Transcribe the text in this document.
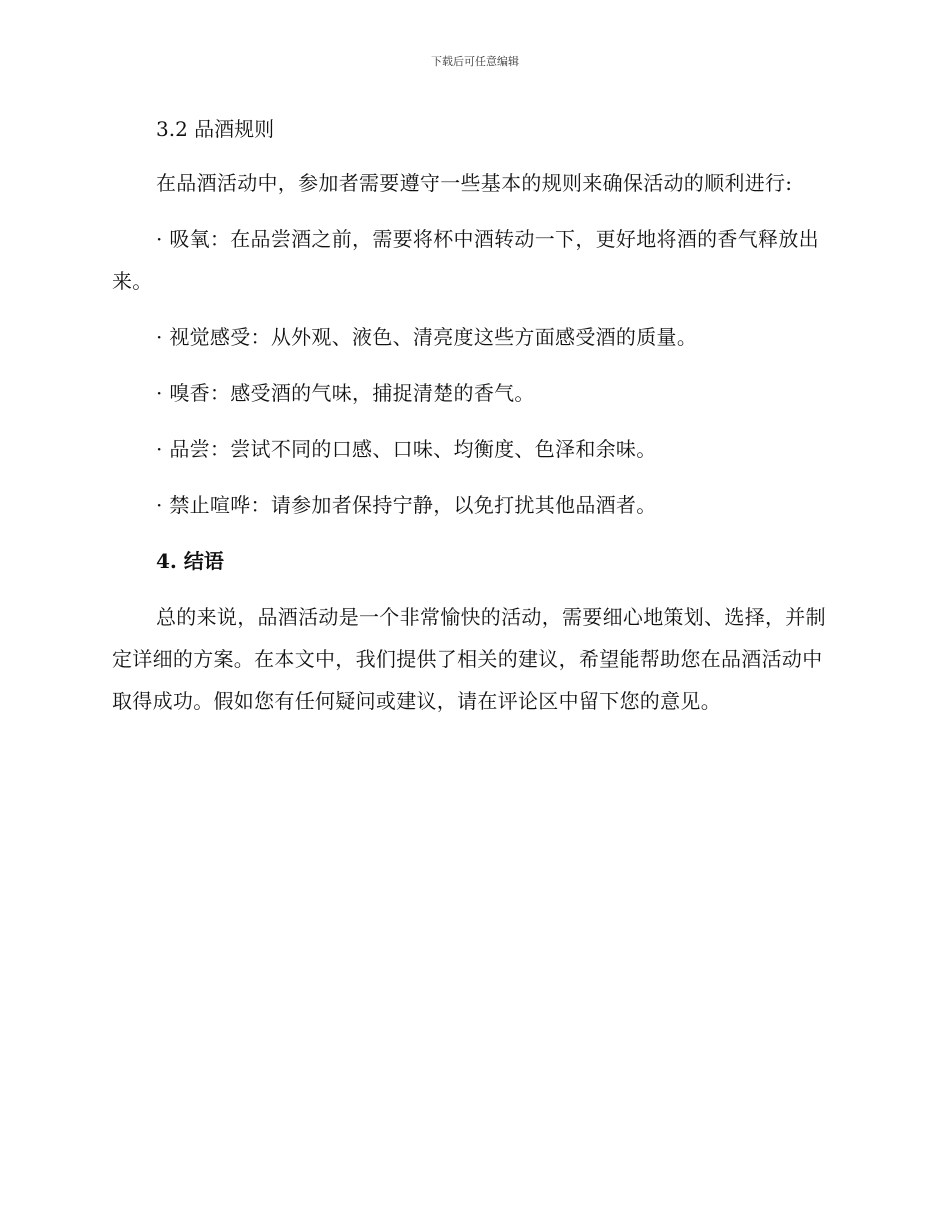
下载后可任意编辑

3.2 品酒规则

在品酒活动中，参加者需要遵守一些基本的规则来确保活动的顺利进行:

· 吸氧：在品尝酒之前，需要将杯中酒转动一下，更好地将酒的香气释放出来。

· 视觉感受：从外观、液色、清亮度这些方面感受酒的质量。

· 嗅香：感受酒的气味，捕捉清楚的香气。

· 品尝：尝试不同的口感、口味、均衡度、色泽和余味。

· 禁止喧哗：请参加者保持宁静，以免打扰其他品酒者。

4. 结语

总的来说，品酒活动是一个非常愉快的活动，需要细心地策划、选择，并制定详细的方案。在本文中，我们提供了相关的建议，希望能帮助您在品酒活动中取得成功。假如您有任何疑问或建议，请在评论区中留下您的意见。
